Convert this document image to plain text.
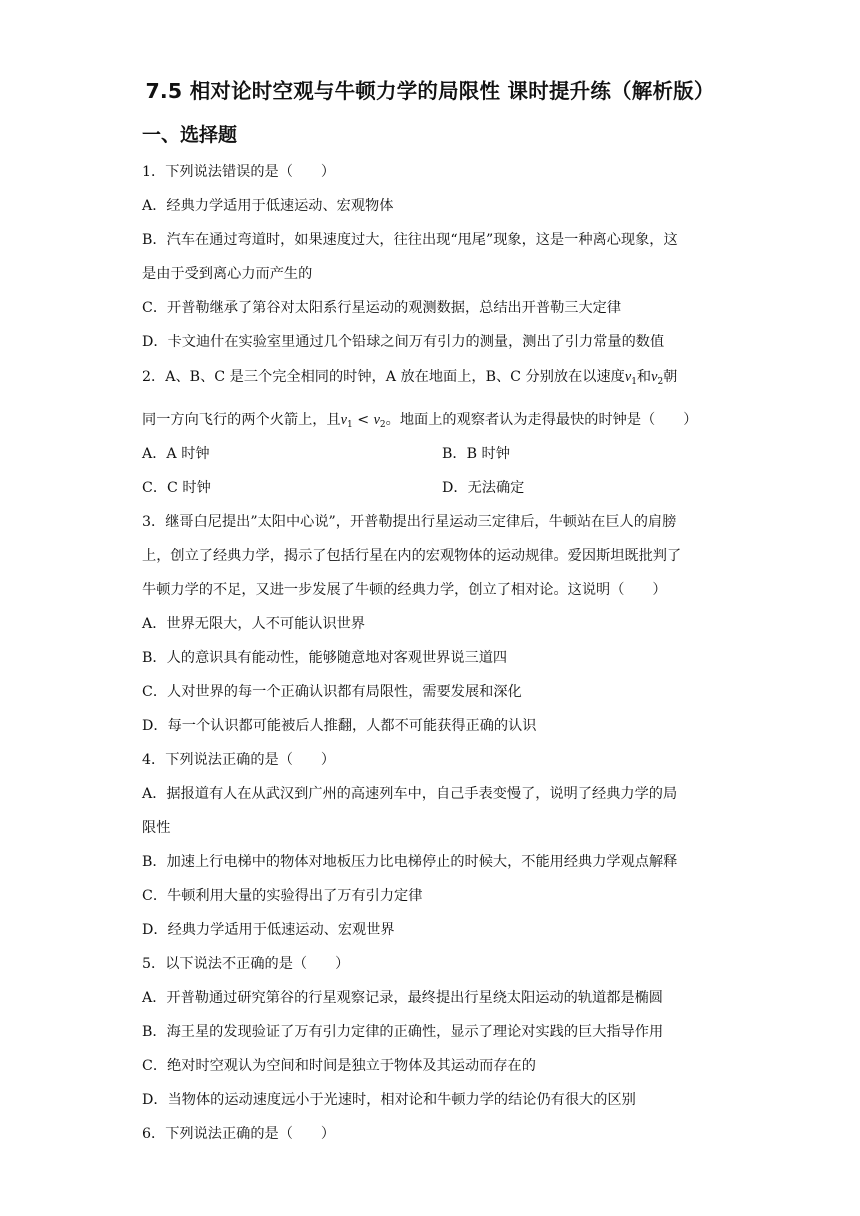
7.5 相对论时空观与牛顿力学的局限性 课时提升练（解析版）
一、选择题
1．下列说法错误的是（ ）
A．经典力学适用于低速运动、宏观物体
B．汽车在通过弯道时，如果速度过大，往往出现“甩尾”现象，这是一种离心现象，这
是由于受到离心力而产生的
C．开普勒继承了第谷对太阳系行星运动的观测数据，总结出开普勒三大定律
D．卡文迪什在实验室里通过几个铅球之间万有引力的测量，测出了引力常量的数值
2．A、B、C 是三个完全相同的时钟，A 放在地面上，B、C 分别放在以速度$v_1$和$v_2$朝
同一方向飞行的两个火箭上，且$v_1 < v_2$。地面上的观察者认为走得最快的时钟是（ ）
A．A 时钟	B．B 时钟
C．C 时钟	D．无法确定
3．继哥白尼提出”太阳中心说”，开普勒提出行星运动三定律后，牛顿站在巨人的肩膀
上，创立了经典力学，揭示了包括行星在内的宏观物体的运动规律。爱因斯坦既批判了
牛顿力学的不足，又进一步发展了牛顿的经典力学，创立了相对论。这说明（ ）
A．世界无限大，人不可能认识世界
B．人的意识具有能动性，能够随意地对客观世界说三道四
C．人对世界的每一个正确认识都有局限性，需要发展和深化
D．每一个认识都可能被后人推翻，人都不可能获得正确的认识
4．下列说法正确的是（ ）
A．据报道有人在从武汉到广州的高速列车中，自己手表变慢了，说明了经典力学的局
限性
B．加速上行电梯中的物体对地板压力比电梯停止的时候大，不能用经典力学观点解释
C．牛顿利用大量的实验得出了万有引力定律
D．经典力学适用于低速运动、宏观世界
5．以下说法不正确的是（ ）
A．开普勒通过研究第谷的行星观察记录，最终提出行星绕太阳运动的轨道都是椭圆
B．海王星的发现验证了万有引力定律的正确性，显示了理论对实践的巨大指导作用
C．绝对时空观认为空间和时间是独立于物体及其运动而存在的
D．当物体的运动速度远小于光速时，相对论和牛顿力学的结论仍有很大的区别
6．下列说法正确的是（ ）
